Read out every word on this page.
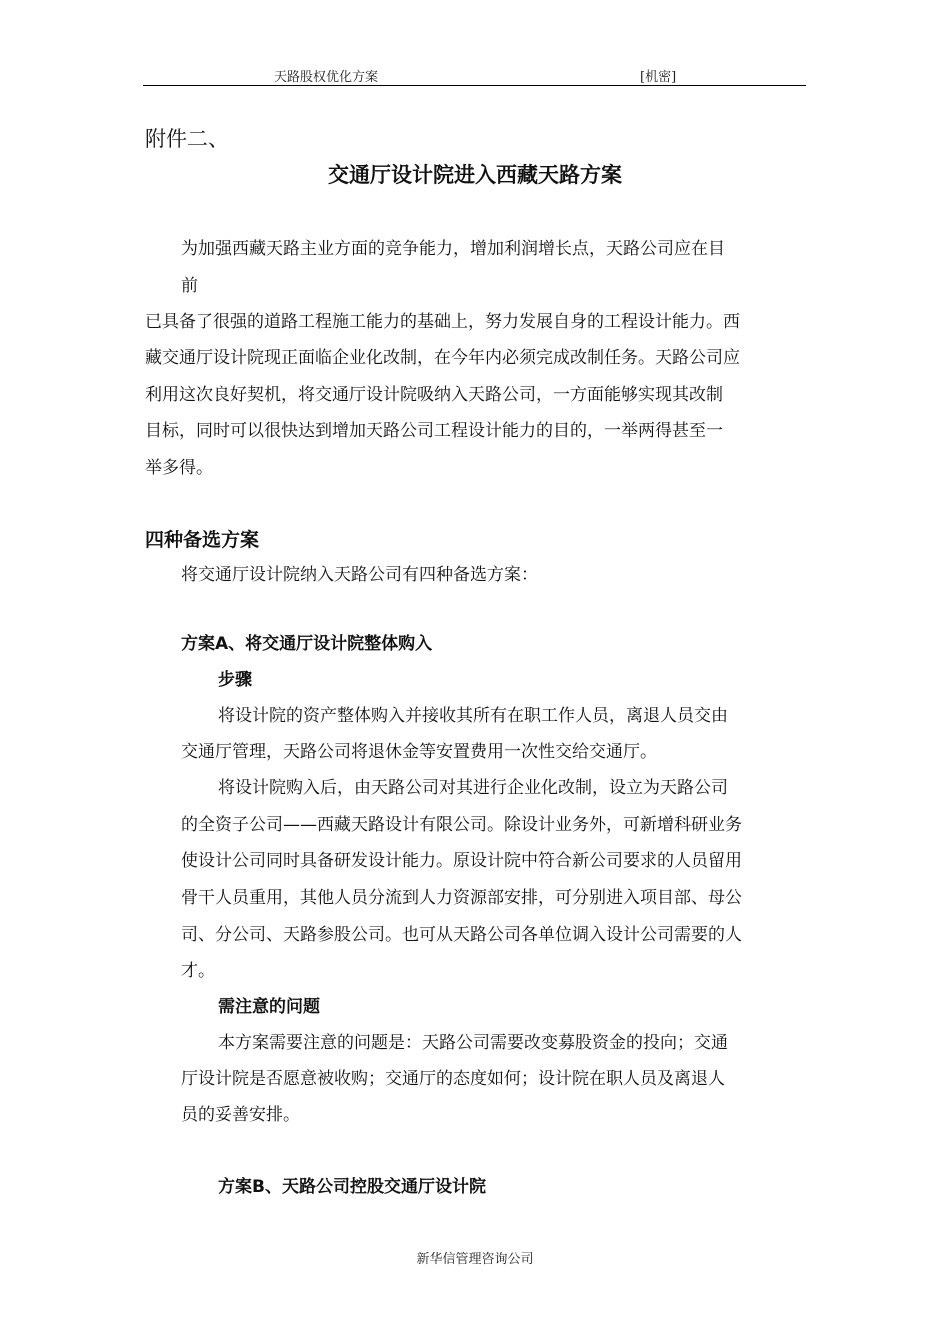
天路股权优化方案	[机密]
附件二、
交通厅设计院进入西藏天路方案
为加强西藏天路主业方面的竞争能力，增加利润增长点，天路公司应在目
前
已具备了很强的道路工程施工能力的基础上，努力发展自身的工程设计能力。西
藏交通厅设计院现正面临企业化改制，在今年内必须完成改制任务。天路公司应
利用这次良好契机，将交通厅设计院吸纳入天路公司，一方面能够实现其改制
目标，同时可以很快达到增加天路公司工程设计能力的目的，一举两得甚至一
举多得。
四种备选方案
将交通厅设计院纳入天路公司有四种备选方案：
方案A、将交通厅设计院整体购入
步骤
将设计院的资产整体购入并接收其所有在职工作人员，离退人员交由
交通厅管理，天路公司将退休金等安置费用一次性交给交通厅。
将设计院购入后，由天路公司对其进行企业化改制，设立为天路公司
的全资子公司——西藏天路设计有限公司。除设计业务外，可新增科研业务
使设计公司同时具备研发设计能力。原设计院中符合新公司要求的人员留用
骨干人员重用，其他人员分流到人力资源部安排，可分别进入项目部、母公
司、分公司、天路参股公司。也可从天路公司各单位调入设计公司需要的人
才。
需注意的问题
本方案需要注意的问题是：天路公司需要改变募股资金的投向；交通
厅设计院是否愿意被收购；交通厅的态度如何；设计院在职人员及离退人
员的妥善安排。
方案B、天路公司控股交通厅设计院
新华信管理咨询公司
